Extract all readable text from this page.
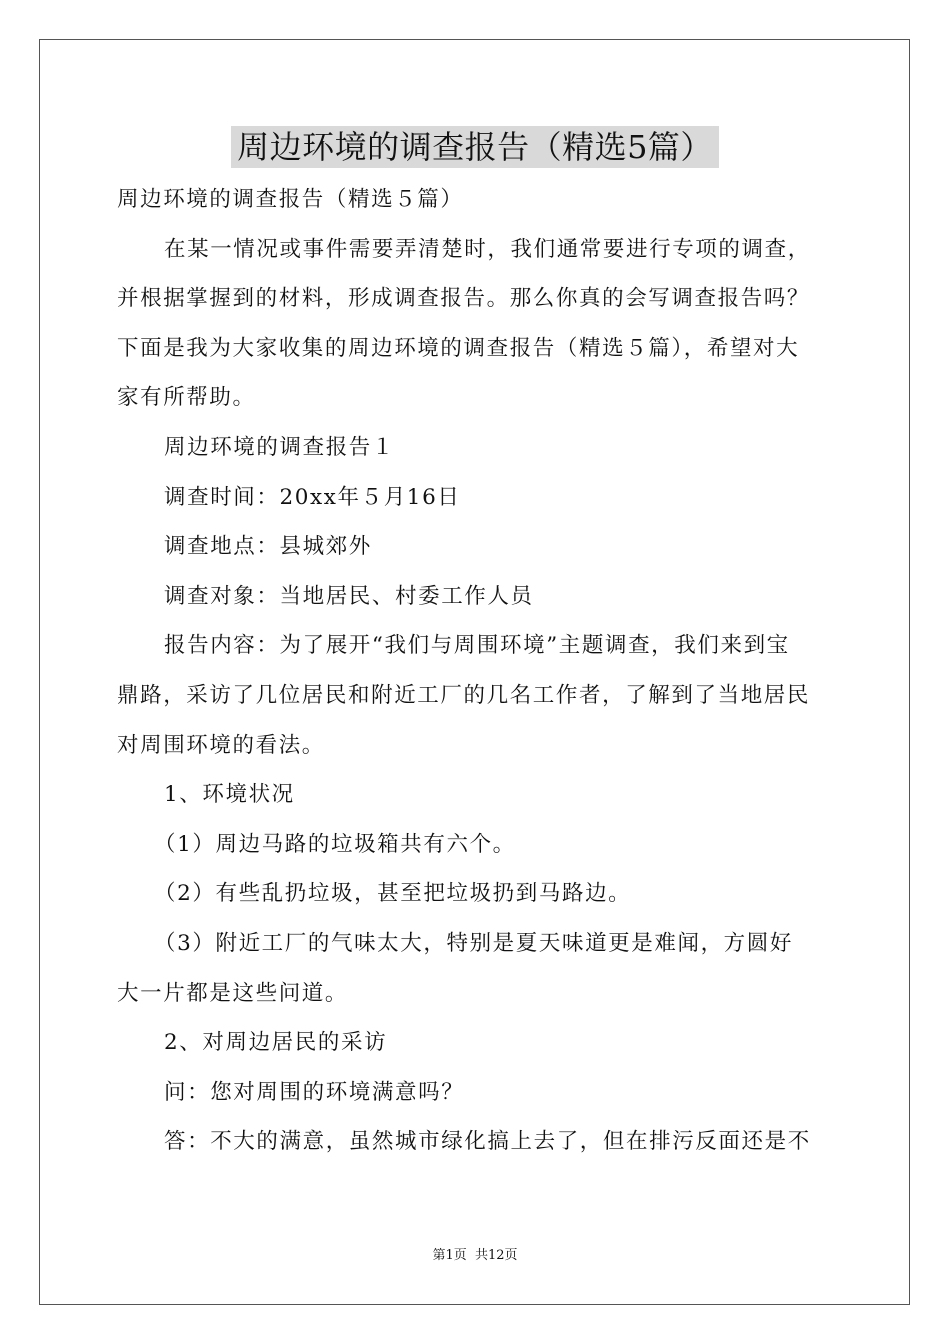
周边环境的调查报告（精选5篇）
周边环境的调查报告（精选５篇）
在某一情况或事件需要弄清楚时，我们通常要进行专项的调查，
并根据掌握到的材料，形成调查报告。那么你真的会写调查报告吗？
下面是我为大家收集的周边环境的调查报告（精选５篇），希望对大
家有所帮助。
周边环境的调查报告１
调查时间：20xx年５月16日
调查地点：县城郊外
调查对象：当地居民、村委工作人员
报告内容：为了展开“我们与周围环境”主题调查，我们来到宝
鼎路，采访了几位居民和附近工厂的几名工作者，了解到了当地居民
对周围环境的看法。
1、环境状况
（1）周边马路的垃圾箱共有六个。
（2）有些乱扔垃圾，甚至把垃圾扔到马路边。
（3）附近工厂的气味太大，特别是夏天味道更是难闻，方圆好
大一片都是这些问道。
2、对周边居民的采访
问：您对周围的环境满意吗？
答：不大的满意，虽然城市绿化搞上去了，但在排污反面还是不
第1页 共12页
